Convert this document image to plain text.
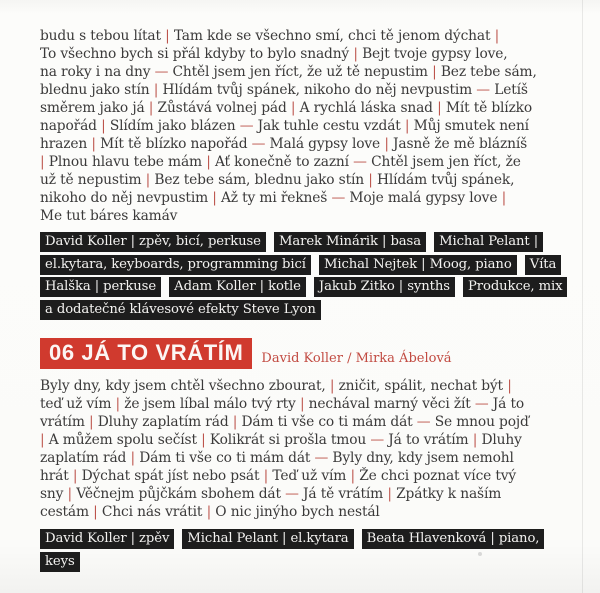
budu s tebou lítat | Tam kde se všechno smí, chci tě jenom dýchat |
To všechno bych si přál kdyby to bylo snadný | Bejt tvoje gypsy love,
na roky i na dny — Chtěl jsem jen říct, že už tě nepustim | Bez tebe sám,
blednu jako stín | Hlídám tvůj spánek, nikoho do něj nevpustim — Letíš
směrem jako já | Zůstává volnej pád | A rychlá láska snad | Mít tě blízko
napořád | Slídím jako blázen — Jak tuhle cestu vzdát | Můj smutek není
hrazen | Mít tě blízko napořád — Malá gypsy love | Jasně že mě blázníš
| Plnou hlavu tebe mám | Ať konečně to zazní — Chtěl jsem jen říct, že
už tě nepustim | Bez tebe sám, blednu jako stín | Hlídám tvůj spánek,
nikoho do něj nevpustim | Až ty mi řekneš — Moje malá gypsy love |
Me tut báres kamáv

David Koller | zpěv, bicí, perkuse Marek Minárik | basa Michal Pelant | el.kytara, keyboards, programming bicí Michal Nejtek | Moog, piano Víta Halška | perkuse Adam Koller | kotle Jakub Zitko | synths Produkce, mix a dodatečné klávesové efekty Steve Lyon

06 JÁ TO VRÁTÍM	David Koller / Mirka Ábelová
Byly dny, kdy jsem chtěl všechno zbourat, | zničit, spálit, nechat být |
teď už vím | že jsem líbal málo tvý rty | nechával marný věci žít — Já to
vrátím | Dluhy zaplatím rád | Dám ti vše co ti mám dát — Se mnou pojď
| A můžem spolu sečíst | Kolikrát si prošla tmou — Já to vrátím | Dluhy
zaplatím rád | Dám ti vše co ti mám dát — Byly dny, kdy jsem nemohl
hrát | Dýchat spát jíst nebo psát | Teď už vím | Že chci poznat více tvý
sny | Věčnejm půjčkám sbohem dát — Já tě vrátím | Zpátky k naším
cestám | Chci nás vrátit | O nic jinýho bych nestál

David Koller | zpěv Michal Pelant | el.kytara Beata Hlavenková | piano, keys
